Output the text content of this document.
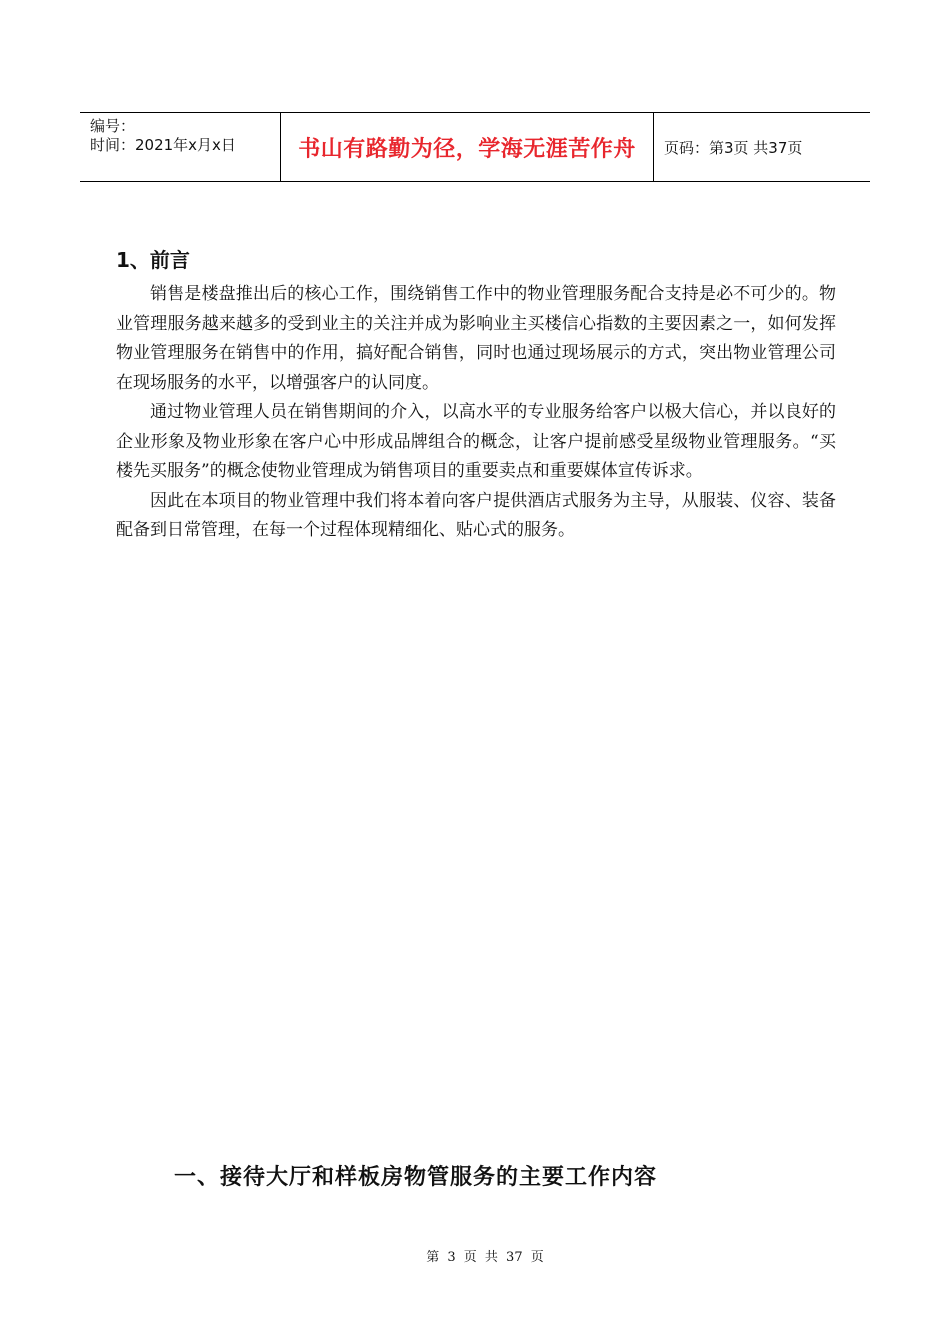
编号：
时间：2021年x月x日	书山有路勤为径，学海无涯苦作舟	页码：第3页 共37页
1、前言

销售是楼盘推出后的核心工作，围绕销售工作中的物业管理服务配合支持是必不可少的。物业管理服务越来越多的受到业主的关注并成为影响业主买楼信心指数的主要因素之一，如何发挥物业管理服务在销售中的作用，搞好配合销售，同时也通过现场展示的方式，突出物业管理公司在现场服务的水平，以增强客户的认同度。

通过物业管理人员在销售期间的介入，以高水平的专业服务给客户以极大信心，并以良好的企业形象及物业形象在客户心中形成品牌组合的概念，让客户提前感受星级物业管理服务。“买楼先买服务”的概念使物业管理成为销售项目的重要卖点和重要媒体宣传诉求。

因此在本项目的物业管理中我们将本着向客户提供酒店式服务为主导，从服装、仪容、装备配备到日常管理，在每一个过程体现精细化、贴心式的服务。

一、接待大厅和样板房物管服务的主要工作内容
第 3 页 共 37 页
